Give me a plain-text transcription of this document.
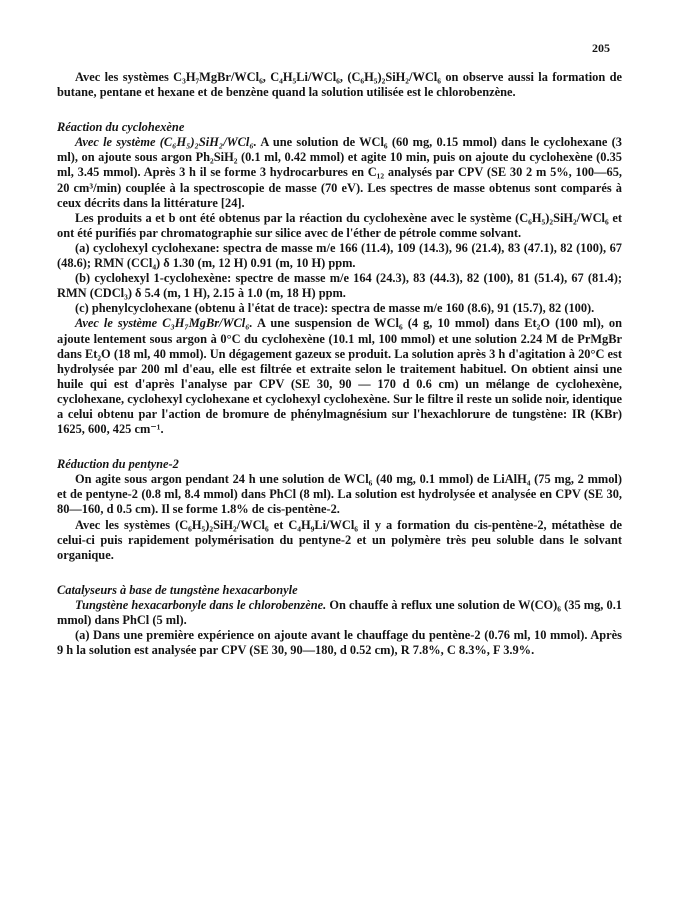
205

Avec les systèmes C₃H₇MgBr/WCl₆, C₄H₅Li/WCl₆, (C₆H₅)₂SiH₂/WCl₆ on observe aussi la formation de butane, pentane et hexane et de benzène quand la solution utilisée est le chlorobenzène.

Réaction du cyclohexène

Avec le système (C₆H₅)₂SiH₂/WCl₆. A une solution de WCl₆ (60 mg, 0.15 mmol) dans le cyclohexane (3 ml), on ajoute sous argon Ph₂SiH₂ (0.1 ml, 0.42 mmol) et agite 10 min, puis on ajoute du cyclohexène (0.35 ml, 3.45 mmol). Après 3 h il se forme 3 hydrocarbures en C₁₂ analysés par CPV (SE 30 2 m 5%, 100—65, 20 cm³/min) couplée à la spectroscopie de masse (70 eV). Les spectres de masse obtenus sont comparés à ceux décrits dans la littérature [24].

Les produits a et b ont été obtenus par la réaction du cyclohexène avec le système (C₆H₅)₂SiH₂/WCl₆ et ont été purifiés par chromatographie sur silice avec de l'éther de pétrole comme solvant.

(a) cyclohexyl cyclohexane: spectra de masse m/e 166 (11.4), 109 (14.3), 96 (21.4), 83 (47.1), 82 (100), 67 (48.6); RMN (CCl₄) δ 1.30 (m, 12 H) 0.91 (m, 10 H) ppm.

(b) cyclohexyl 1-cyclohexène: spectre de masse m/e 164 (24.3), 83 (44.3), 82 (100), 81 (51.4), 67 (81.4); RMN (CDCl₃) δ 5.4 (m, 1 H), 2.15 à 1.0 (m, 18 H) ppm.

(c) phenylcyclohexane (obtenu à l'état de trace): spectra de masse m/e 160 (8.6), 91 (15.7), 82 (100).

Avec le système C₃H₇MgBr/WCl₆. A une suspension de WCl₆ (4 g, 10 mmol) dans Et₂O (100 ml), on ajoute lentement sous argon à 0°C du cyclohexène (10.1 ml, 100 mmol) et une solution 2.24 M de PrMgBr dans Et₂O (18 ml, 40 mmol). Un dégagement gazeux se produit. La solution après 3 h d'agitation à 20°C est hydrolysée par 200 ml d'eau, elle est filtrée et extraite selon le traitement habituel. On obtient ainsi une huile qui est d'après l'analyse par CPV (SE 30, 90 — 170 d 0.6 cm) un mélange de cyclohexène, cyclohexane, cyclohexyl cyclohexane et cyclohexyl cyclohexène. Sur le filtre il reste un solide noir, identique a celui obtenu par l'action de bromure de phénylmagnésium sur l'hexachlorure de tungstène: IR (KBr) 1625, 600, 425 cm⁻¹.

Réduction du pentyne-2

On agite sous argon pendant 24 h une solution de WCl₆ (40 mg, 0.1 mmol) de LiAlH₄ (75 mg, 2 mmol) et de pentyne-2 (0.8 ml, 8.4 mmol) dans PhCl (8 ml). La solution est hydrolysée et analysée en CPV (SE 30, 80—160, d 0.5 cm). Il se forme 1.8% de cis-pentène-2.

Avec les systèmes (C₆H₅)₂SiH₂/WCl₆ et C₄H₉Li/WCl₆ il y a formation du cis-pentène-2, métathèse de celui-ci puis rapidement polymérisation du pentyne-2 et un polymère très peu soluble dans le solvant organique.

Catalyseurs à base de tungstène hexacarbonyle

Tungstène hexacarbonyle dans le chlorobenzène. On chauffe à reflux une solution de W(CO)₆ (35 mg, 0.1 mmol) dans PhCl (5 ml).

(a) Dans une première expérience on ajoute avant le chauffage du pentène-2 (0.76 ml, 10 mmol). Après 9 h la solution est analysée par CPV (SE 30, 90—180, d 0.52 cm), R 7.8%, C 8.3%, F 3.9%.
